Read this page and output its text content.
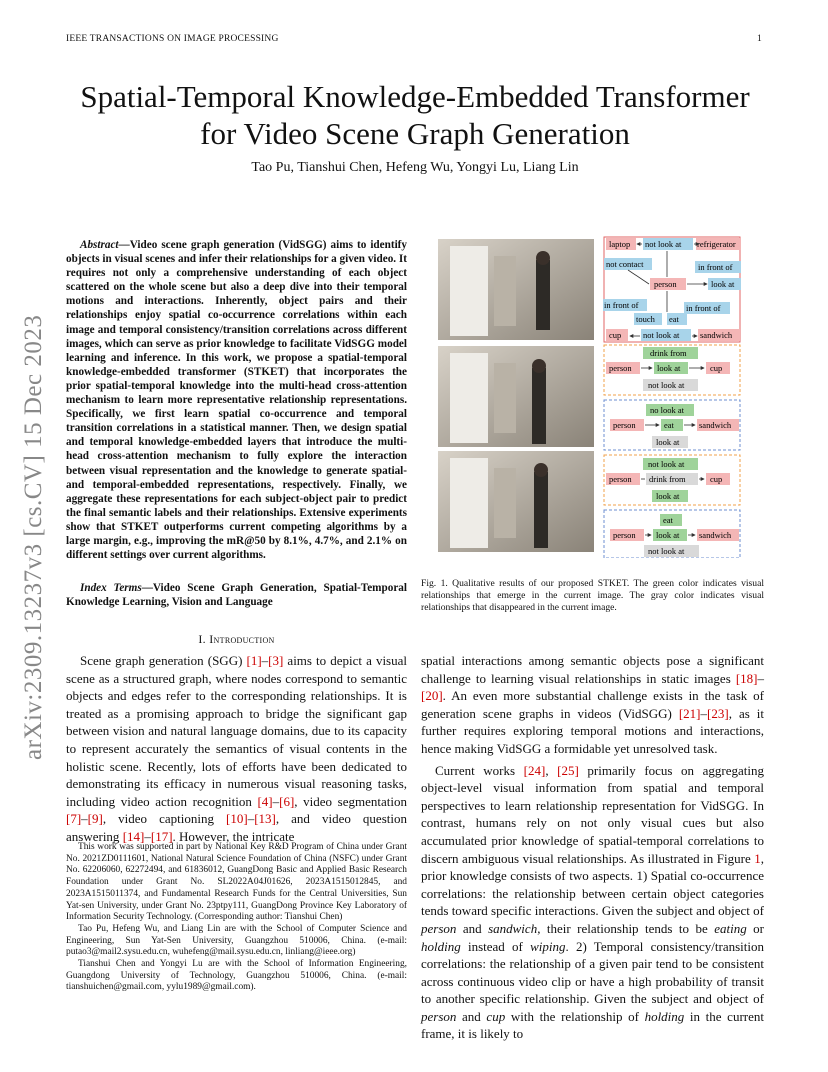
IEEE TRANSACTIONS ON IMAGE PROCESSING	1
Spatial-Temporal Knowledge-Embedded Transformer for Video Scene Graph Generation
Tao Pu, Tianshui Chen, Hefeng Wu, Yongyi Lu, Liang Lin
arXiv:2309.13237v3 [cs.CV] 15 Dec 2023
Abstract—Video scene graph generation (VidSGG) aims to identify objects in visual scenes and infer their relationships for a given video. It requires not only a comprehensive understanding of each object scattered on the whole scene but also a deep dive into their temporal motions and interactions. Inherently, object pairs and their relationships enjoy spatial co-occurrence correlations within each image and temporal consistency/transition correlations across different images, which can serve as prior knowledge to facilitate VidSGG model learning and inference. In this work, we propose a spatial-temporal knowledge-embedded transformer (STKET) that incorporates the prior spatial-temporal knowledge into the multi-head cross-attention mechanism to learn more representative relationship representations. Specifically, we first learn spatial co-occurrence and temporal transition correlations in a statistical manner. Then, we design spatial and temporal knowledge-embedded layers that introduce the multi-head cross-attention mechanism to fully explore the interaction between visual representation and the knowledge to generate spatial- and temporal-embedded representations, respectively. Finally, we aggregate these representations for each subject-object pair to predict the final semantic labels and their relationships. Extensive experiments show that STKET outperforms current competing algorithms by a large margin, e.g., improving the mR@50 by 8.1%, 4.7%, and 2.1% on different settings over current algorithms.
Index Terms—Video Scene Graph Generation, Spatial-Temporal Knowledge Learning, Vision and Language
I. Introduction
Scene graph generation (SGG) [1]–[3] aims to depict a visual scene as a structured graph, where nodes correspond to semantic objects and edges refer to the corresponding relationships. It is treated as a promising approach to bridge the significant gap between vision and natural language domains, due to its capacity to represent accurately the semantics of visual contents in the holistic scene. Recently, lots of efforts have been dedicated to demonstrating its efficacy in numerous visual reasoning tasks, including video action recognition [4]–[6], video segmentation [7]–[9], video captioning [10]–[13], and video question answering [14]–[17]. However, the intricate

This work was supported in part by National Key R&D Program of China under Grant No. 2021ZD0111601, National Natural Science Foundation of China (NSFC) under Grant No. 62206060, 62272494, and 61836012, GuangDong Basic and Applied Basic Research Foundation under Grant No. SL2022A04J01626, 2023A1515012845, and 2023A1515011374, and Fundamental Research Funds for the Central Universities, Sun Yat-sen University, under Grant No. 23ptpy111, GuangDong Province Key Laboratory of Information Security Technology. (Corresponding author: Tianshui Chen)

Tao Pu, Hefeng Wu, and Liang Lin are with the School of Computer Science and Engineering, Sun Yat-Sen University, Guangzhou 510006, China. (e-mail: putao3@mail2.sysu.edu.cn, wuhefeng@mail.sysu.edu.cn, linliang@ieee.org)

Tianshui Chen and Yongyi Lu are with the School of Information Engineering, Guangdong University of Technology, Guangzhou 510006, China. (e-mail: tianshuichen@gmail.com, yylu1989@gmail.com).

laptop not look at refrigerator
not contact	in front of
person	look at
in front of	in front of
touch eat
cup	not look at sandwich
drink from
person	look at	cup
not look at
no look at
person	eat	sandwich
look at
not look at
person drink from	cup
look at
eat
person look at sandwich
not look at
Fig. 1. Qualitative results of our proposed STKET. The green color indicates visual relationships that emerge in the current image. The gray color indicates visual relationships that disappeared in the current image.

spatial interactions among semantic objects pose a significant challenge to learning visual relationships in static images [18]–[20]. An even more substantial challenge exists in the task of generation scene graphs in videos (VidSGG) [21]–[23], as it further requires exploring temporal motions and interactions, hence making VidSGG a formidable yet unresolved task.

Current works [24], [25] primarily focus on aggregating object-level visual information from spatial and temporal perspectives to learn relationship representation for VidSGG. In contrast, humans rely on not only visual cues but also accumulated prior knowledge of spatial-temporal correlations to discern ambiguous visual relationships. As illustrated in Figure 1, prior knowledge consists of two aspects. 1) Spatial co-occurrence correlations: the relationship between certain object categories tends toward specific interactions. Given the subject and object of person and sandwich, their relationship tends to be eating or holding instead of wiping. 2) Temporal consistency/transition correlations: the relationship of a given pair tend to be consistent across continuous video clip or have a high probability of transit to another specific relationship. Given the subject and object of person and cup with the relationship of holding in the current frame, it is likely to
